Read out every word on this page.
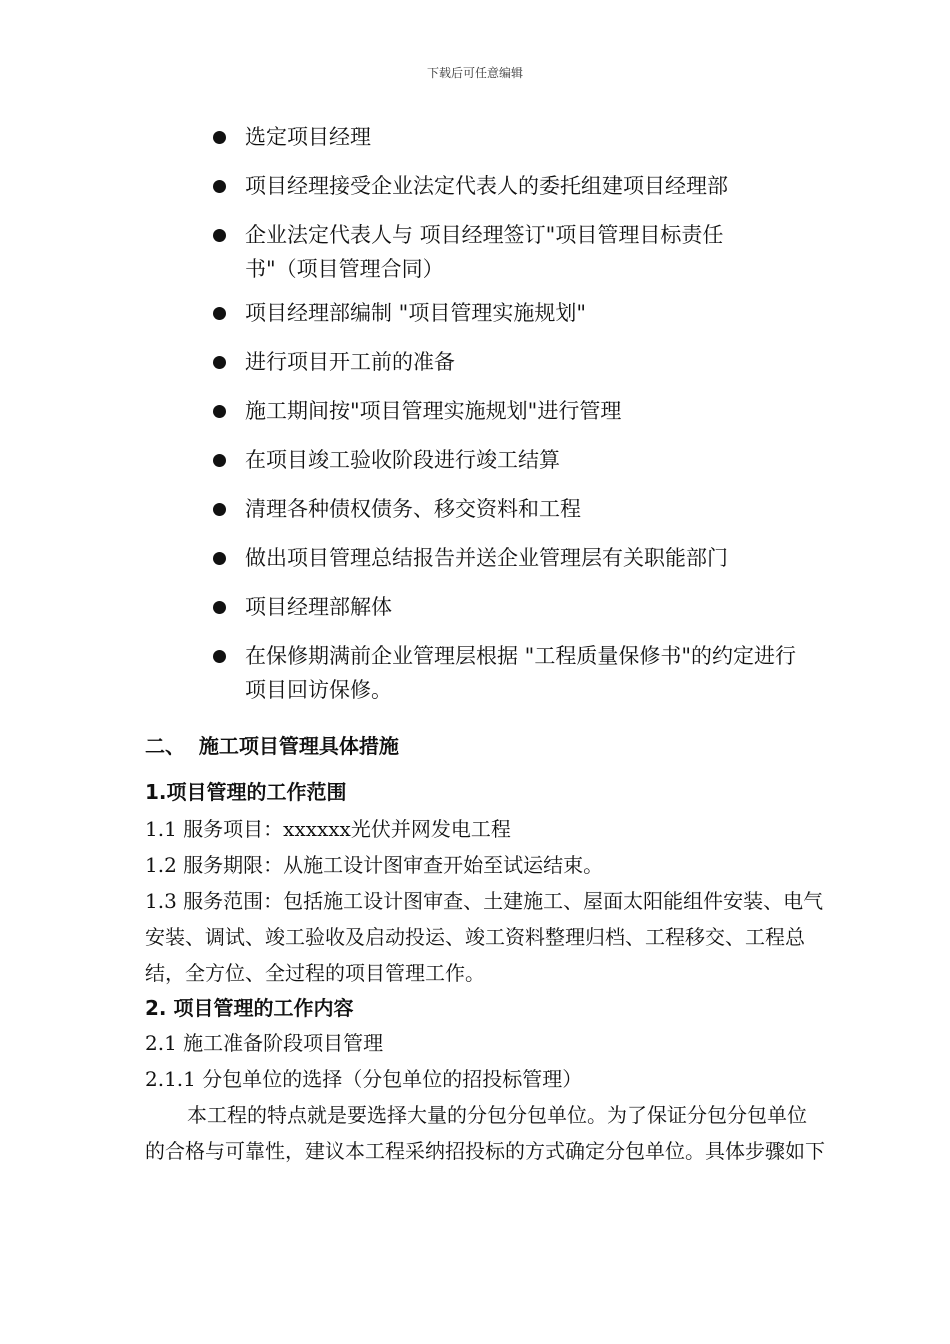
下载后可任意编辑
选定项目经理
项目经理接受企业法定代表人的委托组建项目经理部
企业法定代表人与 项目经理签订"项目管理目标责任书"（项目管理合同）
项目经理部编制 "项目管理实施规划"
进行项目开工前的准备
施工期间按"项目管理实施规划"进行管理
在项目竣工验收阶段进行竣工结算
清理各种债权债务、移交资料和工程
做出项目管理总结报告并送企业管理层有关职能部门
项目经理部解体
在保修期满前企业管理层根据 "工程质量保修书"的约定进行项目回访保修。
二、  施工项目管理具体措施
1.项目管理的工作范围
1.1 服务项目：xxxxxx光伏并网发电工程
1.2 服务期限：从施工设计图审查开始至试运结束。
1.3 服务范围：包括施工设计图审查、土建施工、屋面太阳能组件安装、电气安装、调试、竣工验收及启动投运、竣工资料整理归档、工程移交、工程总结，全方位、全过程的项目管理工作。
2. 项目管理的工作内容
2.1 施工准备阶段项目管理
2.1.1 分包单位的选择（分包单位的招投标管理）
本工程的特点就是要选择大量的分包分包单位。为了保证分包分包单位的合格与可靠性，建议本工程采纳招投标的方式确定分包单位。具体步骤如下
